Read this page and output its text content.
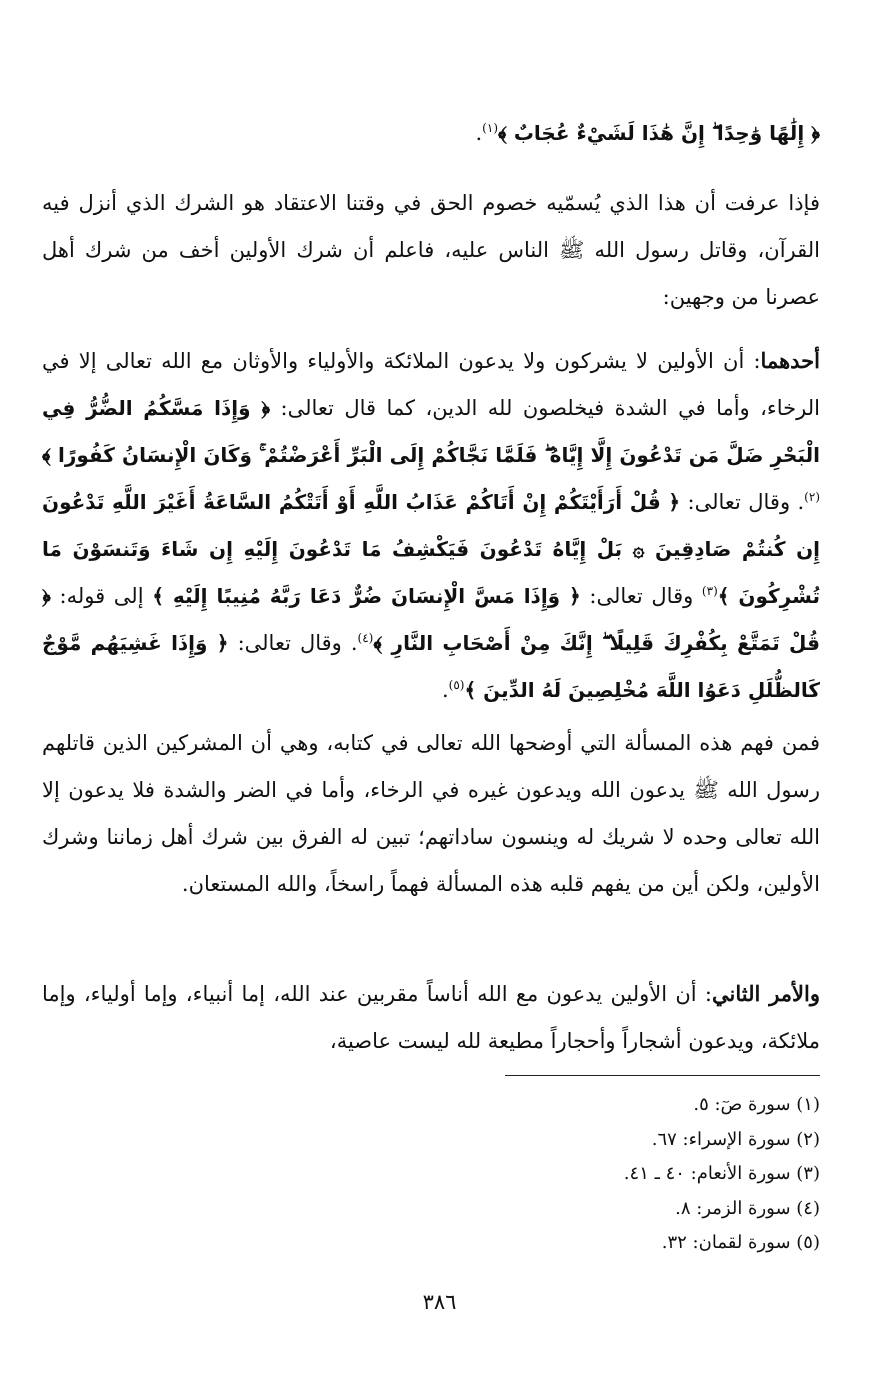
﴿ إِلَٰهًا وَٰحِدًا ۖ إِنَّ هَٰذَا لَشَيْءٌ عُجَابٌ ﴾$^{(١)}$.
فإذا عرفت أن هذا الذي يُسمّيه خصوم الحق في وقتنا الاعتقاد هو الشرك الذي أنزل فيه القرآن، وقاتل رسول الله ﷺ الناس عليه، فاعلم أن شرك الأولين أخف من شرك أهل عصرنا من وجهين:
أحدهما: أن الأولين لا يشركون ولا يدعون الملائكة والأولياء والأوثان مع الله تعالى إلا في الرخاء، وأما في الشدة فيخلصون لله الدين، كما قال تعالى: ﴿ وَإِذَا مَسَّكُمُ الضُّرُّ فِي الْبَحْرِ ضَلَّ مَن تَدْعُونَ إِلَّا إِيَّاهُ ۖ فَلَمَّا نَجَّاكُمْ إِلَى الْبَرِّ أَعْرَضْتُمْ ۚ وَكَانَ الْإِنسَانُ كَفُورًا ﴾$^{(٢)}$. وقال تعالى: ﴿ قُلْ أَرَأَيْتَكُمْ إِنْ أَتَاكُمْ عَذَابُ اللَّهِ أَوْ أَتَتْكُمُ السَّاعَةُ أَغَيْرَ اللَّهِ تَدْعُونَ إِن كُنتُمْ صَادِقِينَ ۞ بَلْ إِيَّاهُ تَدْعُونَ فَيَكْشِفُ مَا تَدْعُونَ إِلَيْهِ إِن شَاءَ وَتَنسَوْنَ مَا تُشْرِكُونَ ﴾$^{(٣)}$ وقال تعالى: ﴿ وَإِذَا مَسَّ الْإِنسَانَ ضُرٌّ دَعَا رَبَّهُ مُنِيبًا إِلَيْهِ ﴾ إلى قوله: ﴿ قُلْ تَمَتَّعْ بِكُفْرِكَ قَلِيلًا ۖ إِنَّكَ مِنْ أَصْحَابِ النَّارِ ﴾$^{(٤)}$. وقال تعالى: ﴿ وَإِذَا غَشِيَهُم مَّوْجٌ كَالظُّلَلِ دَعَوُا اللَّهَ مُخْلِصِينَ لَهُ الدِّينَ ﴾$^{(٥)}$.
فمن فهم هذه المسألة التي أوضحها الله تعالى في كتابه، وهي أن المشركين الذين قاتلهم رسول الله ﷺ يدعون الله ويدعون غيره في الرخاء، وأما في الضر والشدة فلا يدعون إلا الله تعالى وحده لا شريك له وينسون ساداتهم؛ تبين له الفرق بين شرك أهل زماننا وشرك الأولين، ولكن أين من يفهم قلبه هذه المسألة فهماً راسخاً، والله المستعان.
والأمر الثاني: أن الأولين يدعون مع الله أناساً مقربين عند الله، إما أنبياء، وإما أولياء، وإما ملائكة، ويدعون أشجاراً وأحجاراً مطيعة لله ليست عاصية،
(١) سورة صٓ: ٥.
(٢) سورة الإسراء: ٦٧.
(٣) سورة الأنعام: ٤٠ ـ ٤١.
(٤) سورة الزمر: ٨.
(٥) سورة لقمان: ٣٢.
٣٨٦
